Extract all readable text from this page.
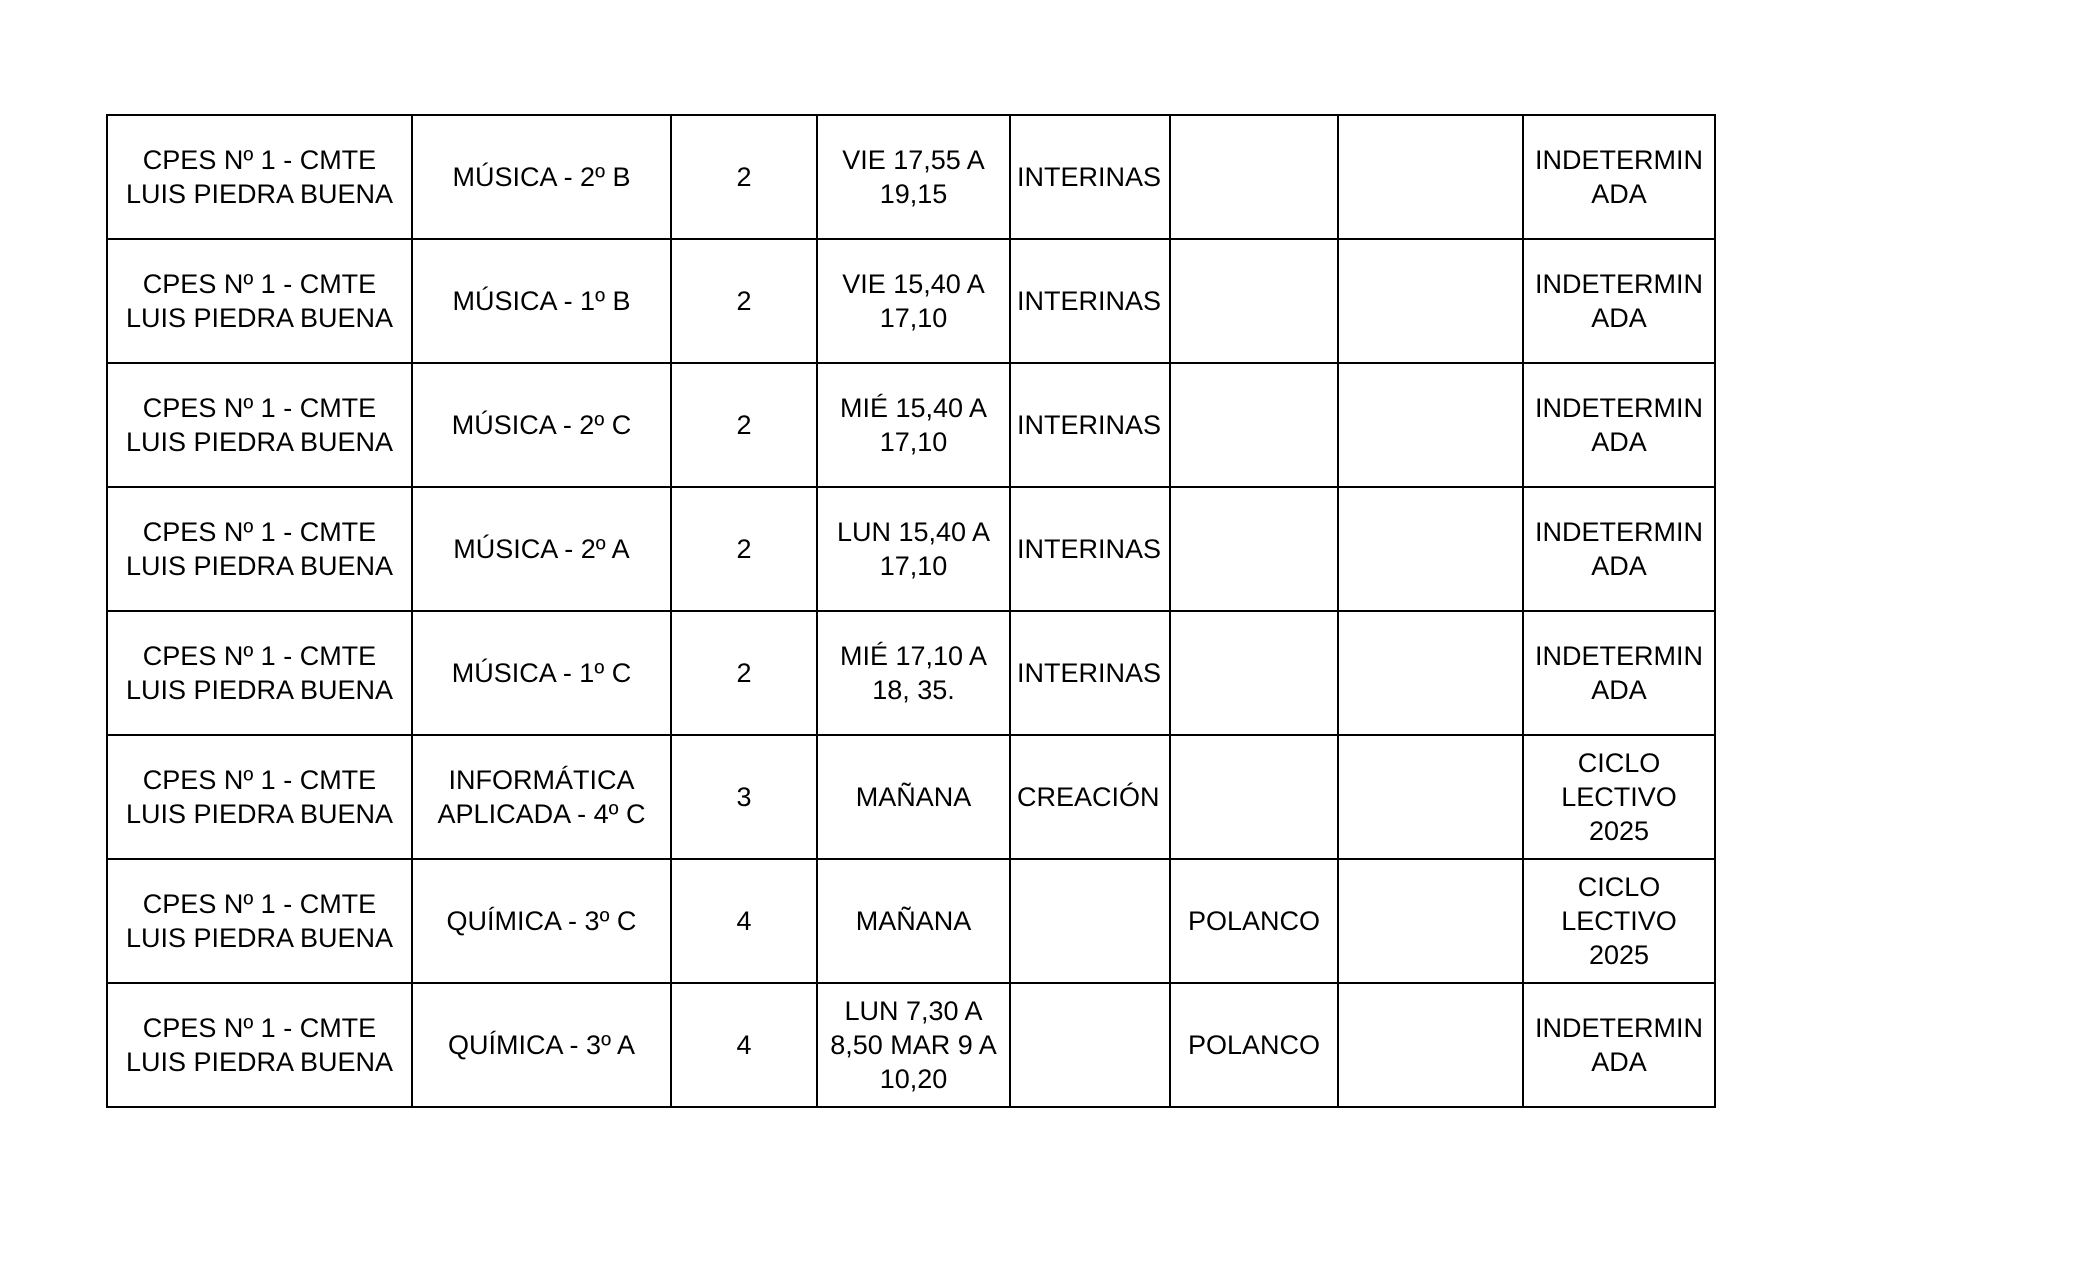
CPES Nº 1 - CMTE LUIS PIEDRA BUENA	MÚSICA - 2º B	2	VIE 17,55 A 19,15	INTERINAS			INDETERMIN ADA
CPES Nº 1 - CMTE LUIS PIEDRA BUENA	MÚSICA - 1º B	2	VIE 15,40 A 17,10	INTERINAS			INDETERMIN ADA
CPES Nº 1 - CMTE LUIS PIEDRA BUENA	MÚSICA - 2º C	2	MIÉ 15,40 A 17,10	INTERINAS			INDETERMIN ADA
CPES Nº 1 - CMTE LUIS PIEDRA BUENA	MÚSICA - 2º A	2	LUN 15,40 A 17,10	INTERINAS			INDETERMIN ADA
CPES Nº 1 - CMTE LUIS PIEDRA BUENA	MÚSICA - 1º C	2	MIÉ 17,10 A 18, 35.	INTERINAS			INDETERMIN ADA
CPES Nº 1 - CMTE LUIS PIEDRA BUENA	INFORMÁTICA APLICADA - 4º C	3	MAÑANA	CREACIÓN			CICLO LECTIVO 2025
CPES Nº 1 - CMTE LUIS PIEDRA BUENA	QUÍMICA - 3º C	4	MAÑANA		POLANCO		CICLO LECTIVO 2025
CPES Nº 1 - CMTE LUIS PIEDRA BUENA	QUÍMICA - 3º A	4	LUN 7,30 A 8,50 MAR 9 A 10,20		POLANCO		INDETERMIN ADA
